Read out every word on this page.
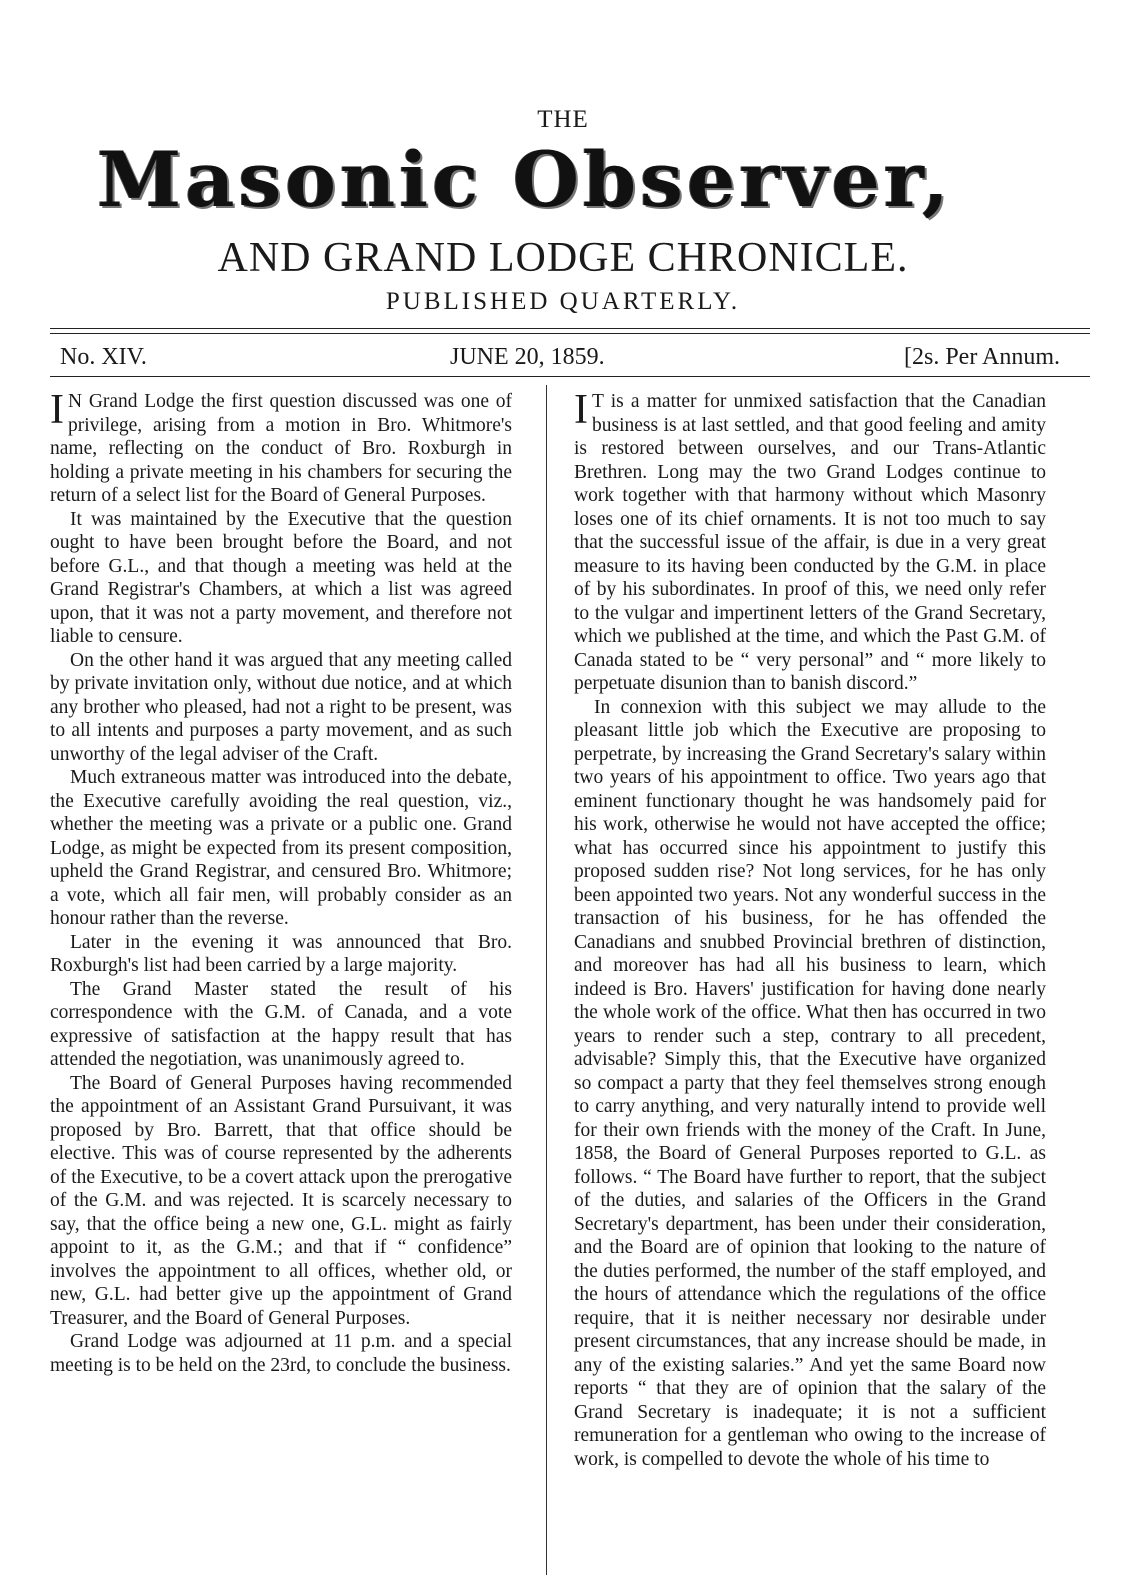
THE
Masonic Observer,
AND GRAND LODGE CHRONICLE.
PUBLISHED QUARTERLY.
No. XIV.	JUNE 20, 1859.	[2s. Per Annum.

I N Grand Lodge the first question discussed was one of privilege, arising from a motion in Bro. Whitmore's name, reflecting on the conduct of Bro. Roxburgh in holding a private meeting in his chambers for securing the return of a select list for the Board of General Purposes.

It was maintained by the Executive that the question ought to have been brought before the Board, and not before G.L., and that though a meeting was held at the Grand Registrar's Chambers, at which a list was agreed upon, that it was not a party movement, and therefore not liable to censure.

On the other hand it was argued that any meeting called by private invitation only, without due notice, and at which any brother who pleased, had not a right to be present, was to all intents and purposes a party movement, and as such unworthy of the legal adviser of the Craft.

Much extraneous matter was introduced into the debate, the Executive carefully avoiding the real question, viz., whether the meeting was a private or a public one. Grand Lodge, as might be expected from its present composition, upheld the Grand Registrar, and censured Bro. Whitmore; a vote, which all fair men, will probably consider as an honour rather than the reverse.

Later in the evening it was announced that Bro. Roxburgh's list had been carried by a large majority.

The Grand Master stated the result of his correspondence with the G.M. of Canada, and a vote expressive of satisfaction at the happy result that has attended the negotiation, was unanimously agreed to.

The Board of General Purposes having recommended the appointment of an Assistant Grand Pursuivant, it was proposed by Bro. Barrett, that that office should be elective. This was of course represented by the adherents of the Executive, to be a covert attack upon the prerogative of the G.M. and was rejected. It is scarcely necessary to say, that the office being a new one, G.L. might as fairly appoint to it, as the G.M.; and that if “ confidence” involves the appointment to all offices, whether old, or new, G.L. had better give up the appointment of Grand Treasurer, and the Board of General Purposes.

Grand Lodge was adjourned at 11 p.m. and a special meeting is to be held on the 23rd, to conclude the business.

I T is a matter for unmixed satisfaction that the Canadian business is at last settled, and that good feeling and amity is restored between ourselves, and our Trans-Atlantic Brethren. Long may the two Grand Lodges continue to work together with that harmony without which Masonry loses one of its chief ornaments. It is not too much to say that the successful issue of the affair, is due in a very great measure to its having been conducted by the G.M. in place of by his subordinates. In proof of this, we need only refer to the vulgar and impertinent letters of the Grand Secretary, which we published at the time, and which the Past G.M. of Canada stated to be “ very personal” and “ more likely to perpetuate disunion than to banish discord.”

In connexion with this subject we may allude to the pleasant little job which the Executive are proposing to perpetrate, by increasing the Grand Secretary's salary within two years of his appointment to office. Two years ago that eminent functionary thought he was handsomely paid for his work, otherwise he would not have accepted the office; what has occurred since his appointment to justify this proposed sudden rise? Not long services, for he has only been appointed two years. Not any wonderful success in the transaction of his business, for he has offended the Canadians and snubbed Provincial brethren of distinction, and moreover has had all his business to learn, which indeed is Bro. Havers' justification for having done nearly the whole work of the office. What then has occurred in two years to render such a step, contrary to all precedent, advisable? Simply this, that the Executive have organized so compact a party that they feel themselves strong enough to carry anything, and very naturally intend to provide well for their own friends with the money of the Craft. In June, 1858, the Board of General Purposes reported to G.L. as follows. “ The Board have further to report, that the subject of the duties, and salaries of the Officers in the Grand Secretary's department, has been under their consideration, and the Board are of opinion that looking to the nature of the duties performed, the number of the staff employed, and the hours of attendance which the regulations of the office require, that it is neither necessary nor desirable under present circumstances, that any increase should be made, in any of the existing salaries.” And yet the same Board now reports “ that they are of opinion that the salary of the Grand Secretary is inadequate; it is not a sufficient remuneration for a gentleman who owing to the increase of work, is compelled to devote the whole of his time to
